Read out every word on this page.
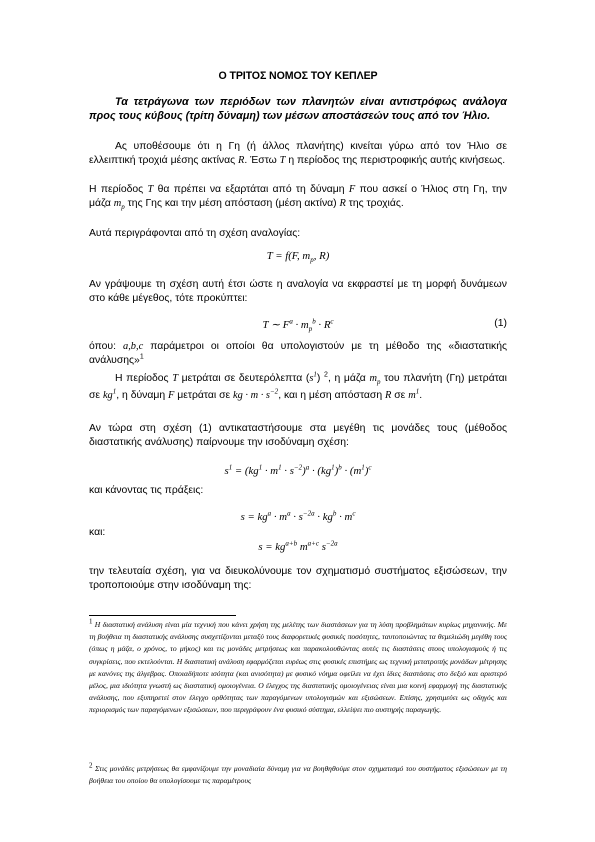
Ο ΤΡΙΤΟΣ ΝΟΜΟΣ ΤΟΥ ΚΕΠΛΕΡ
Τα τετράγωνα των περιόδων των πλανητών είναι αντιστρόφως ανάλογα προς τους κύβους (τρίτη δύναμη) των μέσων αποστάσεών τους από τον Ήλιο.
Ας υποθέσουμε ότι η Γη (ή άλλος πλανήτης) κινείται γύρω από τον Ήλιο σε ελλειπτική τροχιά μέσης ακτίνας R. Έστω T η περίοδος της περιστροφικής αυτής κινήσεως.
Η περίοδος T θα πρέπει να εξαρτάται από τη δύναμη F που ασκεί ο Ήλιος στη Γη, την μάζα $m_p$ της Γης και την μέση απόσταση (μέση ακτίνα) R της τροχιάς.
Αυτά περιγράφονται από τη σχέση αναλογίας:
T = f(F, $m_p$, R)
Αν γράψουμε τη σχέση αυτή έτσι ώστε η αναλογία να εκφραστεί με τη μορφή δυνάμεων στο κάθε μέγεθος, τότε προκύπτει:
T ∼ $F^a \cdot m_p^b \cdot R^c$	(1)
όπου: a,b,c παράμετροι οι οποίοι θα υπολογιστούν με τη μέθοδο της «διαστατικής ανάλυσης»$^1$
Η περίοδος T μετράται σε δευτερόλεπτα $(s^1)$ $^2$, η μάζα $m_p$ του πλανήτη (Γη) μετράται σε $kg^1$, η δύναμη F μετράται σε kg · $m \cdot s^{-2}$, και η μέση απόσταση R σε $m^1$.
Αν τώρα στη σχέση (1) αντικαταστήσουμε στα μεγέθη τις μονάδες τους (μέθοδος διαστατικής ανάλυσης) παίρνουμε την ισοδύναμη σχέση:
$s^1 = (kg^1 \cdot m^1 \cdot s^{-2})^a \cdot (kg^1)^b \cdot (m^1)^c$
και κάνοντας τις πράξεις:
$s = kg^a \cdot m^a \cdot s^{-2a} \cdot kg^b \cdot m^c$
και:
$s = kg^{a+b}$ $m^{a+c}$ $s^{-2a}$
την τελευταία σχέση, για να διευκολύνουμε τον σχηματισμό συστήματος εξισώσεων, την τροποποιούμε στην ισοδύναμη της:
$^1$ Η διαστατική ανάλυση είναι μία τεχνική που κάνει χρήση της μελέτης των διαστάσεων για τη λύση προβλημάτων κυρίως μηχανικής. Με τη βοήθεια τη διαστατικής ανάλυσης συσχετίζονται μεταξύ τους διαφορετικές φυσικές ποσότητες, ταυτοποιώντας τα θεμελιώδη μεγέθη τους (όπως η μάζα, ο χρόνος, το μήκος) και τις μονάδες μετρήσεως και παρακολουθώντας αυτές τις διαστάσεις στους υπολογισμούς ή τις συγκρίσεις, που εκτελούνται. Η διαστατική ανάλυση εφαρμόζεται ευρέως στις φυσικές επιστήμες ως τεχνική μετατροπής μονάδων μέτρησης με κανόνες της άλγεβρας. Οποιαδήποτε ισότητα (και ανισότητα) με φυσικό νόημα οφείλει να έχει ίδιες διαστάσεις στο δεξιό και αριστερό μέλος, μια ιδιότητα γνωστή ως διαστατική ομοιογένεια. Ο έλεγχος της διαστατικής ομοιογένειας είναι μια κοινή εφαρμογή της διαστατικής ανάλυσης, που εξυπηρετεί στον έλεγχο ορθότητας των παραγόμενων υπολογισμών και εξισώσεων. Επίσης, χρησιμεύει ως οδηγός και περιορισμός των παραγόμενων εξισώσεων, που περιγράφουν ένα φυσικό σύστημα, ελλείψει πιο αυστηρής παραγωγής.
$^2$ Στις μονάδες μετρήσεως θα εμφανίζουμε την μοναδιαία δύναμη για να βοηθηθούμε στον σχηματισμό του συστήματος εξισώσεων με τη βοήθεια του οποίου θα υπολογίσουμε τις παραμέτρους
